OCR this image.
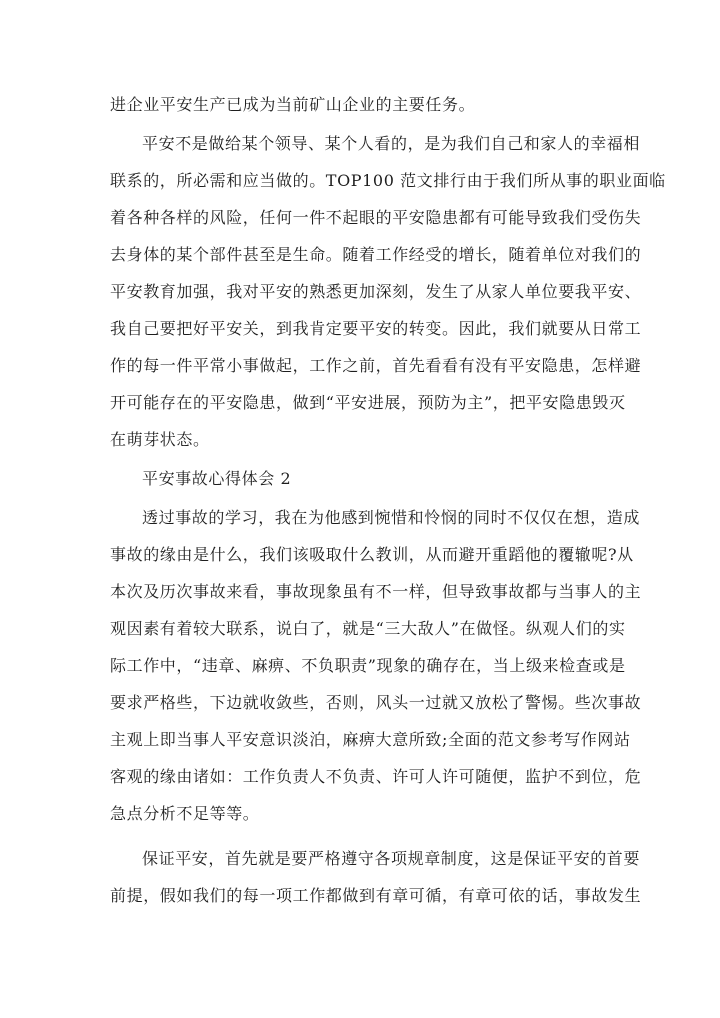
进企业平安生产已成为当前矿山企业的主要任务。
平安不是做给某个领导、某个人看的，是为我们自己和家人的幸福相
联系的，所必需和应当做的。TOP100 范文排行由于我们所从事的职业面临
着各种各样的风险，任何一件不起眼的平安隐患都有可能导致我们受伤失
去身体的某个部件甚至是生命。随着工作经受的增长，随着单位对我们的
平安教育加强，我对平安的熟悉更加深刻，发生了从家人单位要我平安、
我自己要把好平安关，到我肯定要平安的转变。因此，我们就要从日常工
作的每一件平常小事做起，工作之前，首先看看有没有平安隐患，怎样避
开可能存在的平安隐患，做到“平安进展，预防为主”，把平安隐患毁灭
在萌芽状态。
平安事故心得体会 2
透过事故的学习，我在为他感到惋惜和怜悯的同时不仅仅在想，造成
事故的缘由是什么，我们该吸取什么教训，从而避开重蹈他的覆辙呢?从
本次及历次事故来看，事故现象虽有不一样，但导致事故都与当事人的主
观因素有着较大联系，说白了，就是“三大敌人”在做怪。纵观人们的实
际工作中，“违章、麻痹、不负职责”现象的确存在，当上级来检查或是
要求严格些，下边就收敛些，否则，风头一过就又放松了警惕。些次事故
主观上即当事人平安意识淡泊，麻痹大意所致;全面的范文参考写作网站
客观的缘由诸如：工作负责人不负责、许可人许可随便，监护不到位，危
急点分析不足等等。
保证平安，首先就是要严格遵守各项规章制度，这是保证平安的首要
前提，假如我们的每一项工作都做到有章可循，有章可依的话，事故发生
